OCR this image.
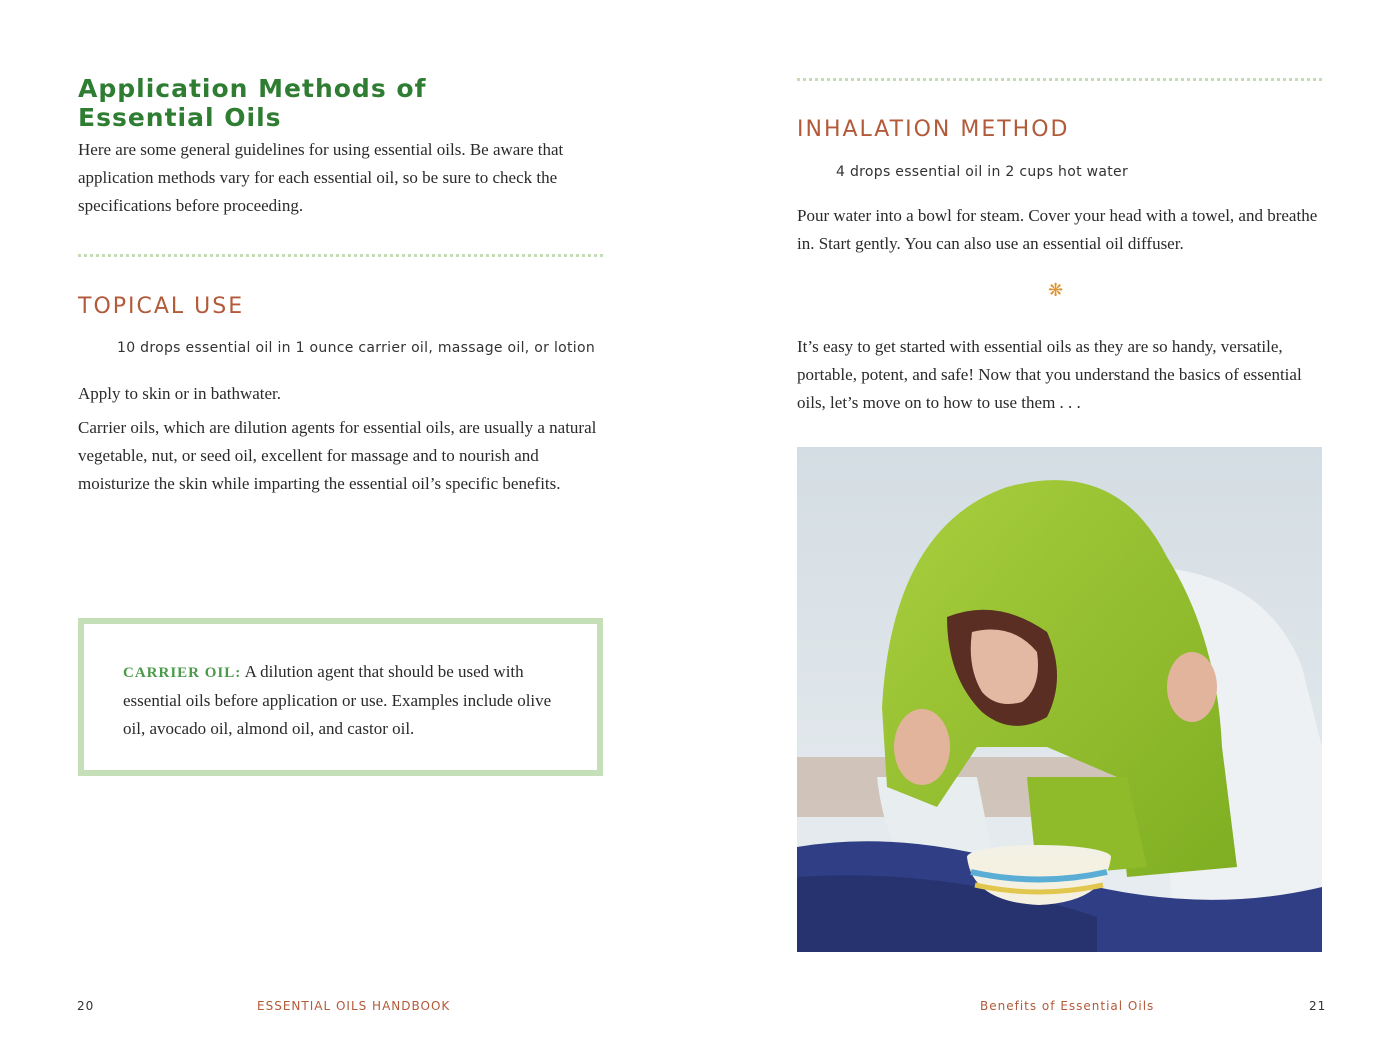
Application Methods of
Essential Oils

Here are some general guidelines for using essential oils. Be aware that application methods vary for each essential oil, so be sure to check the specifications before proceeding.

TOPICAL USE
10 drops essential oil in 1 ounce carrier oil, massage oil, or lotion

Apply to skin or in bathwater.

Carrier oils, which are dilution agents for essential oils, are usually a natural vegetable, nut, or seed oil, excellent for massage and to nourish and moisturize the skin while imparting the essential oil’s specific benefits.

CARRIER OIL: A dilution agent that should be used with essential oils before application or use. Examples include olive oil, avocado oil, almond oil, and castor oil.

20	ESSENTIAL OILS HANDBOOK
INHALATION METHOD
4 drops essential oil in 2 cups hot water

Pour water into a bowl for steam. Cover your head with a towel, and breathe in. Start gently. You can also use an essential oil diffuser.

❋

It’s easy to get started with essential oils as they are so handy, versatile, portable, potent, and safe! Now that you understand the basics of essential oils, let’s move on to how to use them . . .

Benefits of Essential Oils	21
